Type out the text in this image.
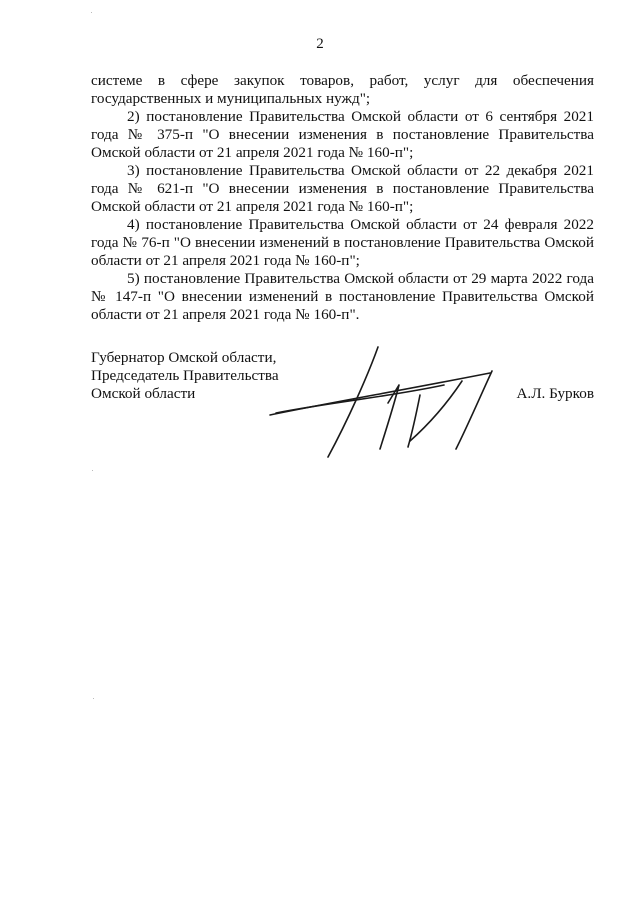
2

системе в сфере закупок товаров, работ, услуг для обеспечения государственных и муниципальных нужд";

2) постановление Правительства Омской области от 6 сентября 2021 года № 375-п "О внесении изменения в постановление Правительства Омской области от 21 апреля 2021 года № 160-п";

3) постановление Правительства Омской области от 22 декабря 2021 года № 621-п "О внесении изменения в постановление Правительства Омской области от 21 апреля 2021 года № 160-п";

4) постановление Правительства Омской области от 24 февраля 2022 года № 76-п "О внесении изменений в постановление Правительства Омской области от 21 апреля 2021 года № 160-п";

5) постановление Правительства Омской области от 29 марта 2022 года № 147-п "О внесении изменений в постановление Правительства Омской области от 21 апреля 2021 года № 160-п".

Губернатор Омской области,
Председатель Правительства
Омской области	А.Л. Бурков
